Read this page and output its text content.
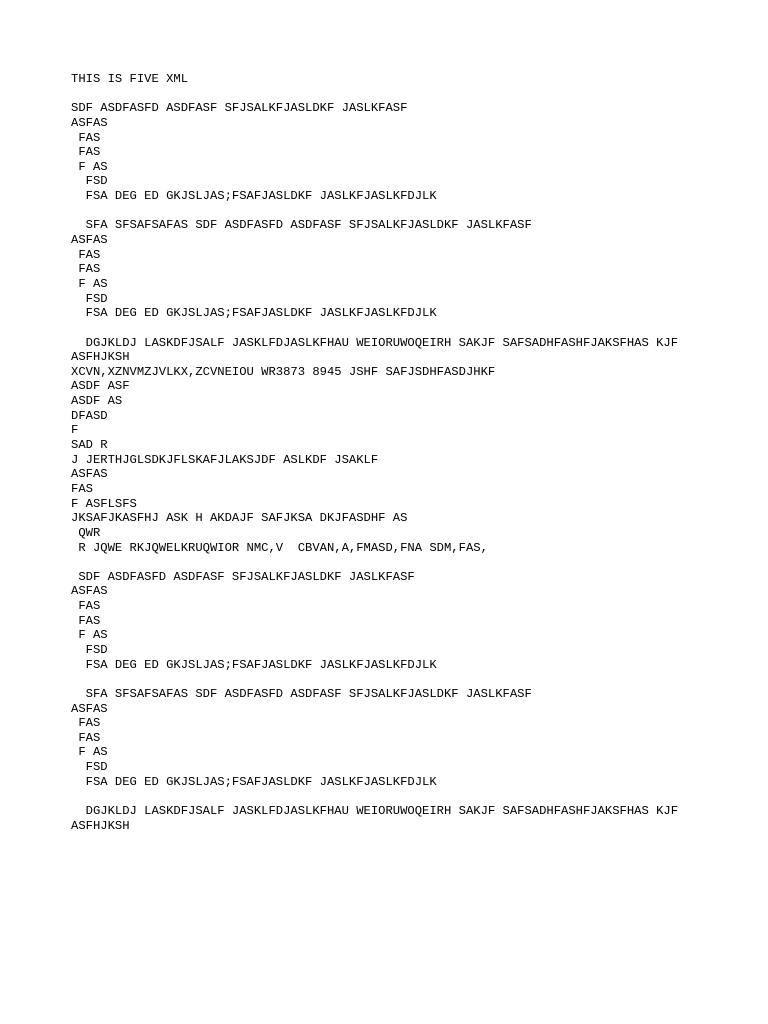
THIS IS FIVE XML
SDF ASDFASFD ASDFASF SFJSALKFJASLDKF JASLKFASF
ASFAS
FAS
FAS
F AS
FSD
FSA DEG ED GKJSLJAS;FSAFJASLDKF JASLKFJASLKFDJLK
SFA SFSAFSAFAS SDF ASDFASFD ASDFASF SFJSALKFJASLDKF JASLKFASF
ASFAS
FAS
FAS
F AS
FSD
FSA DEG ED GKJSLJAS;FSAFJASLDKF JASLKFJASLKFDJLK
DGJKLDJ LASKDFJSALF JASKLFDJASLKFHAU WEIORUWOQEIRH SAKJF SAFSADHFASHFJAKSFHAS KJF
ASFHJKSH
XCVN,XZNVMZJVLKX,ZCVNEIOU WR3873 8945 JSHF SAFJSDHFASDJHKF
ASDF ASF
ASDF AS
DFASD
F
SAD R
J JERTHJGLSDKJFLSKAFJLAKSJDF ASLKDF JSAKLF
ASFAS
FAS
F ASFLSFS
JKSAFJKASFHJ ASK H AKDAJF SAFJKSA DKJFASDHF AS
QWR
R JQWE RKJQWELKRUQWIOR NMC,V  CBVAN,A,FMASD,FNA SDM,FAS,
SDF ASDFASFD ASDFASF SFJSALKFJASLDKF JASLKFASF
ASFAS
FAS
FAS
F AS
FSD
FSA DEG ED GKJSLJAS;FSAFJASLDKF JASLKFJASLKFDJLK
SFA SFSAFSAFAS SDF ASDFASFD ASDFASF SFJSALKFJASLDKF JASLKFASF
ASFAS
FAS
FAS
F AS
FSD
FSA DEG ED GKJSLJAS;FSAFJASLDKF JASLKFJASLKFDJLK
DGJKLDJ LASKDFJSALF JASKLFDJASLKFHAU WEIORUWOQEIRH SAKJF SAFSADHFASHFJAKSFHAS KJF
ASFHJKSH
